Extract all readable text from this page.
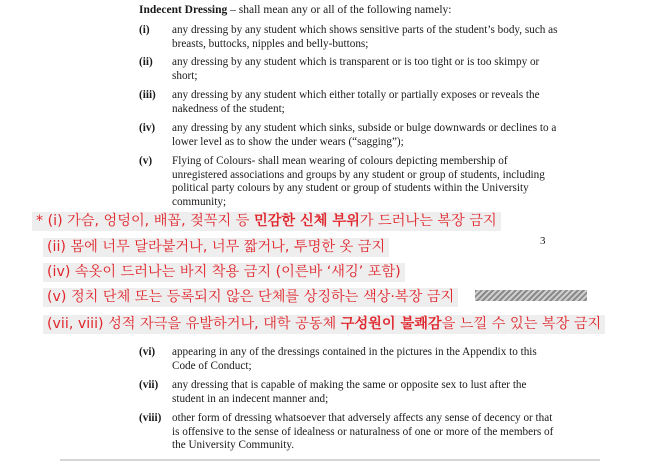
Indecent Dressing – shall mean any or all of the following namely:
(i)	any dressing by any student which shows sensitive parts of the student’s body, such as breasts, buttocks, nipples and belly-buttons;
(ii)	any dressing by any student which is transparent or is too tight or is too skimpy or short;
(iii)	any dressing by any student which either totally or partially exposes or reveals the nakedness of the student;
(iv)	any dressing by any student which sinks, subside or bulge downwards or declines to a lower level as to show the under wears (“sagging”);
(v)	Flying of Colours- shall mean wearing of colours depicting membership of unregistered associations and groups by any student or group of students, including political party colours by any student or group of students within the University community;
3
* (i) 가슴, 엉덩이, 배꼽, 젖꼭지 등 민감한 신체 부위가 드러나는 복장 금지
(ii) 몸에 너무 달라붙거나, 너무 짧거나, 투명한 옷 금지
(iv) 속옷이 드러나는 바지 착용 금지 (이른바 ‘새깅’ 포함)
(v) 정치 단체 또는 등록되지 않은 단체를 상징하는 색상·복장 금지
(vii, viii) 성적 자극을 유발하거나, 대학 공동체 구성원이 불쾌감을 느낄 수 있는 복장 금지
(vi)	appearing in any of the dressings contained in the pictures in the Appendix to this Code of Conduct;
(vii)	any dressing that is capable of making the same or opposite sex to lust after the student in an indecent manner and;
(viii) other form of dressing whatsoever that adversely affects any sense of decency or that is offensive to the sense of idealness or naturalness of one or more of the members of the University Community.
